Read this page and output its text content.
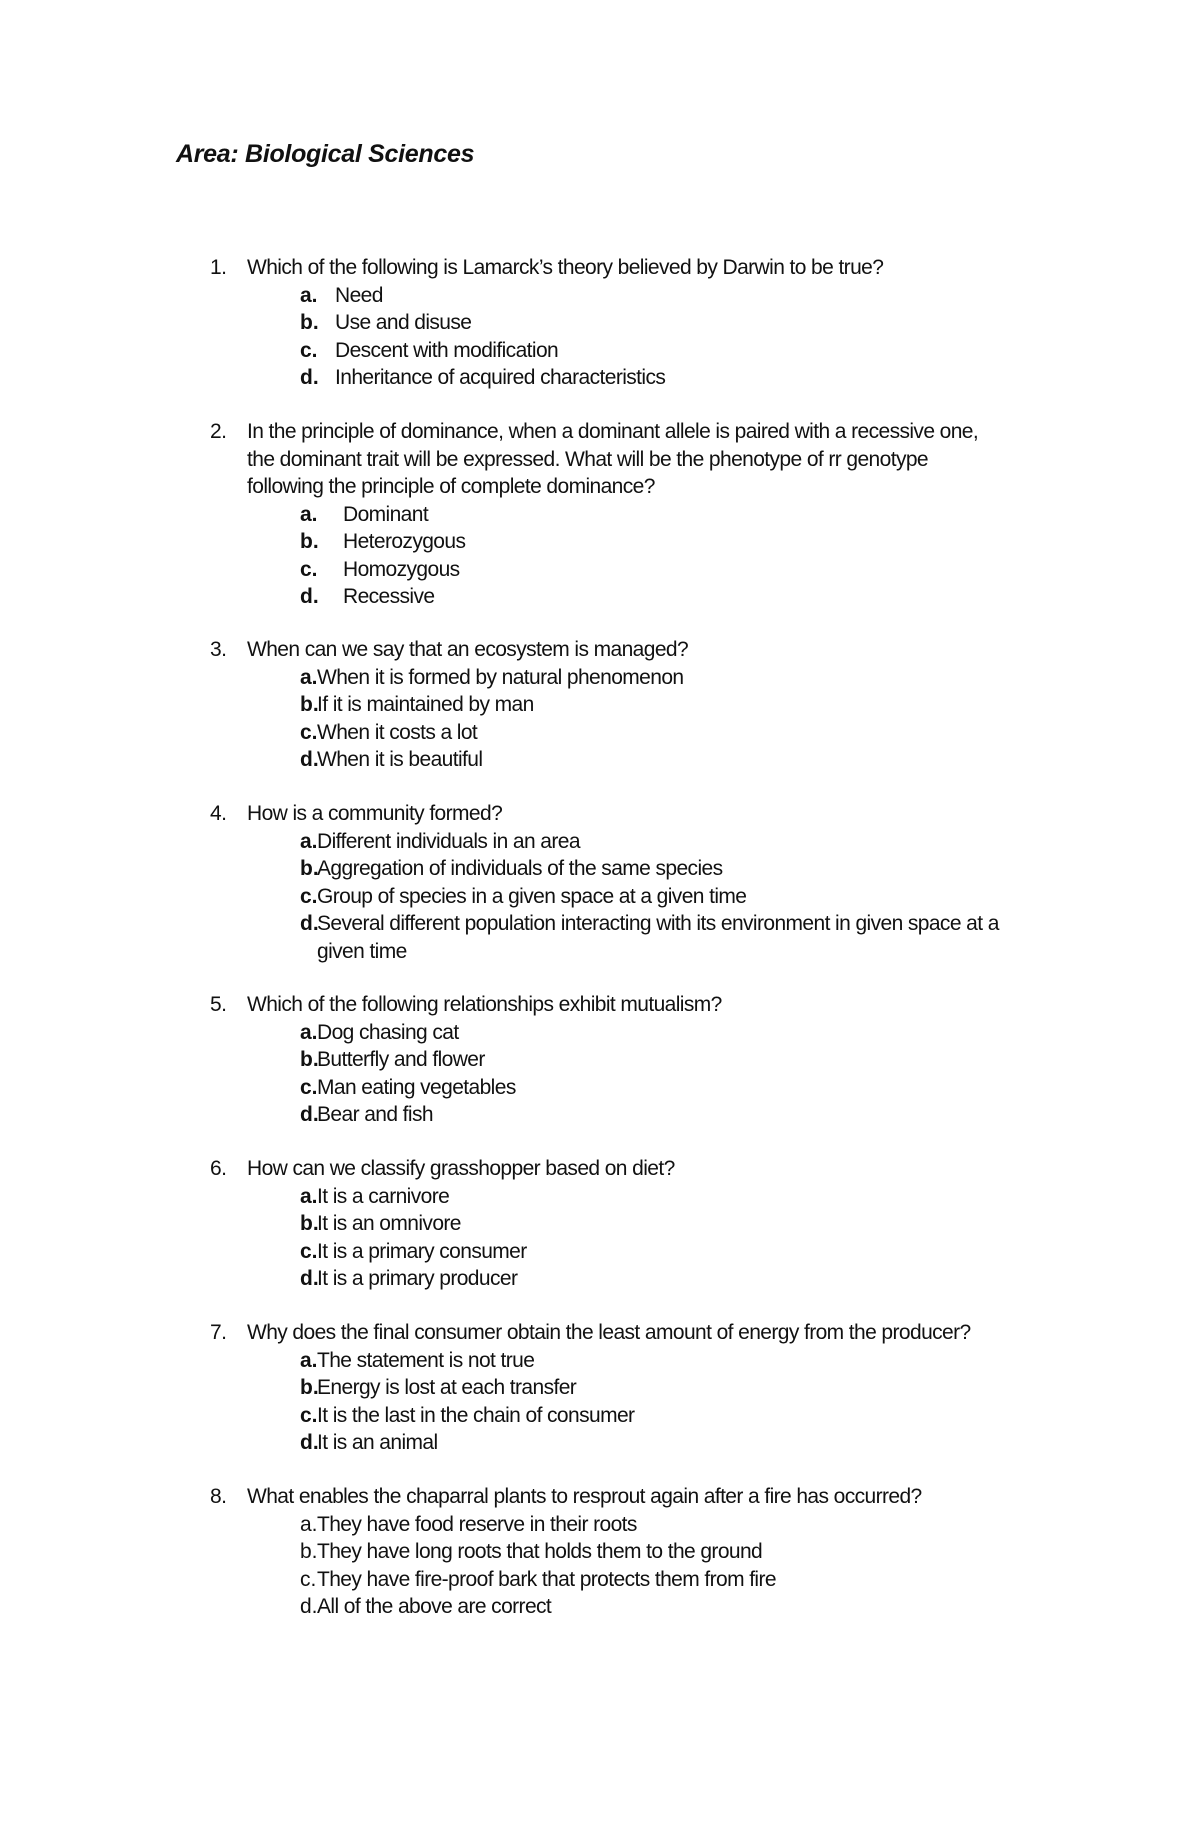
Area: Biological Sciences
1. Which of the following is Lamarck’s theory believed by Darwin to be true?
a. Need
b. Use and disuse
c. Descent with modification
d. Inheritance of acquired characteristics
2. In the principle of dominance, when a dominant allele is paired with a recessive one, the dominant trait will be expressed. What will be the phenotype of rr genotype following the principle of complete dominance?
a. Dominant
b. Heterozygous
c. Homozygous
d. Recessive
3. When can we say that an ecosystem is managed?
a. When it is formed by natural phenomenon
b.
If it is maintained by man
c. When it costs a lot
d.
When it is beautiful
4. How is a community formed?
a. Different individuals in an area
b.
Aggregation of individuals of the same species
c. Group of species in a given space at a given time
d.
Several different population interacting with its environment in given space at a given time
5. Which of the following relationships exhibit mutualism?
a. Dog chasing cat
b.
Butterfly and flower
c. Man eating vegetables
d.
Bear and fish
6. How can we classify grasshopper based on diet?
a. It is a carnivore
b.
It is an omnivore
c. It is a primary consumer
d.
It is a primary producer
7. Why does the final consumer obtain the least amount of energy from the producer?
a. The statement is not true
b.
Energy is lost at each transfer
c. It is the last in the chain of consumer
d.
It is an animal
8. What enables the chaparral plants to resprout again after a fire has occurred?
a. They have food reserve in their roots
b. They have long roots that holds them to the ground
c. They have fire-proof bark that protects them from fire
d. All of the above are correct
